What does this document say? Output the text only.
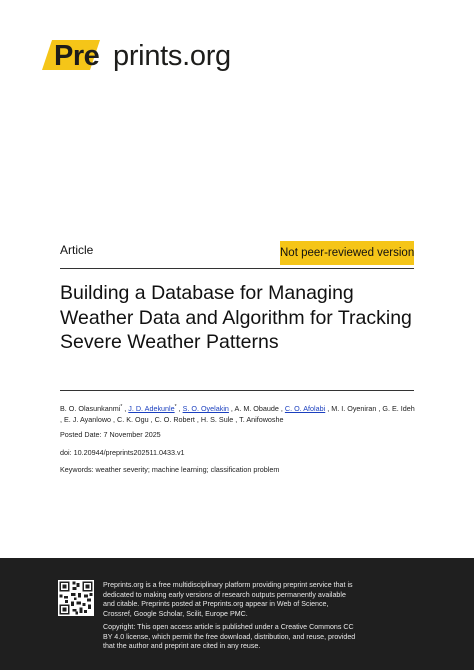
Pre prints.org
Article	Not peer-reviewed version
Building a Database for Managing Weather Data and Algorithm for Tracking Severe Weather Patterns
B. O. Olasunkanmi* , J. D. Adekunle* , S. O. Oyelakin , A. M. Obaude , C. O. Afolabi , M. I. Oyeniran , G. E. Ideh , E. J. Ayanlowo , C. K. Ogu , C. O. Robert , H. S. Sule , T. Anifowoshe
Posted Date: 7 November 2025
doi: 10.20944/preprints202511.0433.v1
Keywords: weather severity; machine learning; classification problem
Preprints.org is a free multidisciplinary platform providing preprint service that is dedicated to making early versions of research outputs permanently available and citable. Preprints posted at Preprints.org appear in Web of Science, Crossref, Google Scholar, Scilit, Europe PMC.
Copyright: This open access article is published under a Creative Commons CC BY 4.0 license, which permit the free download, distribution, and reuse, provided that the author and preprint are cited in any reuse.
